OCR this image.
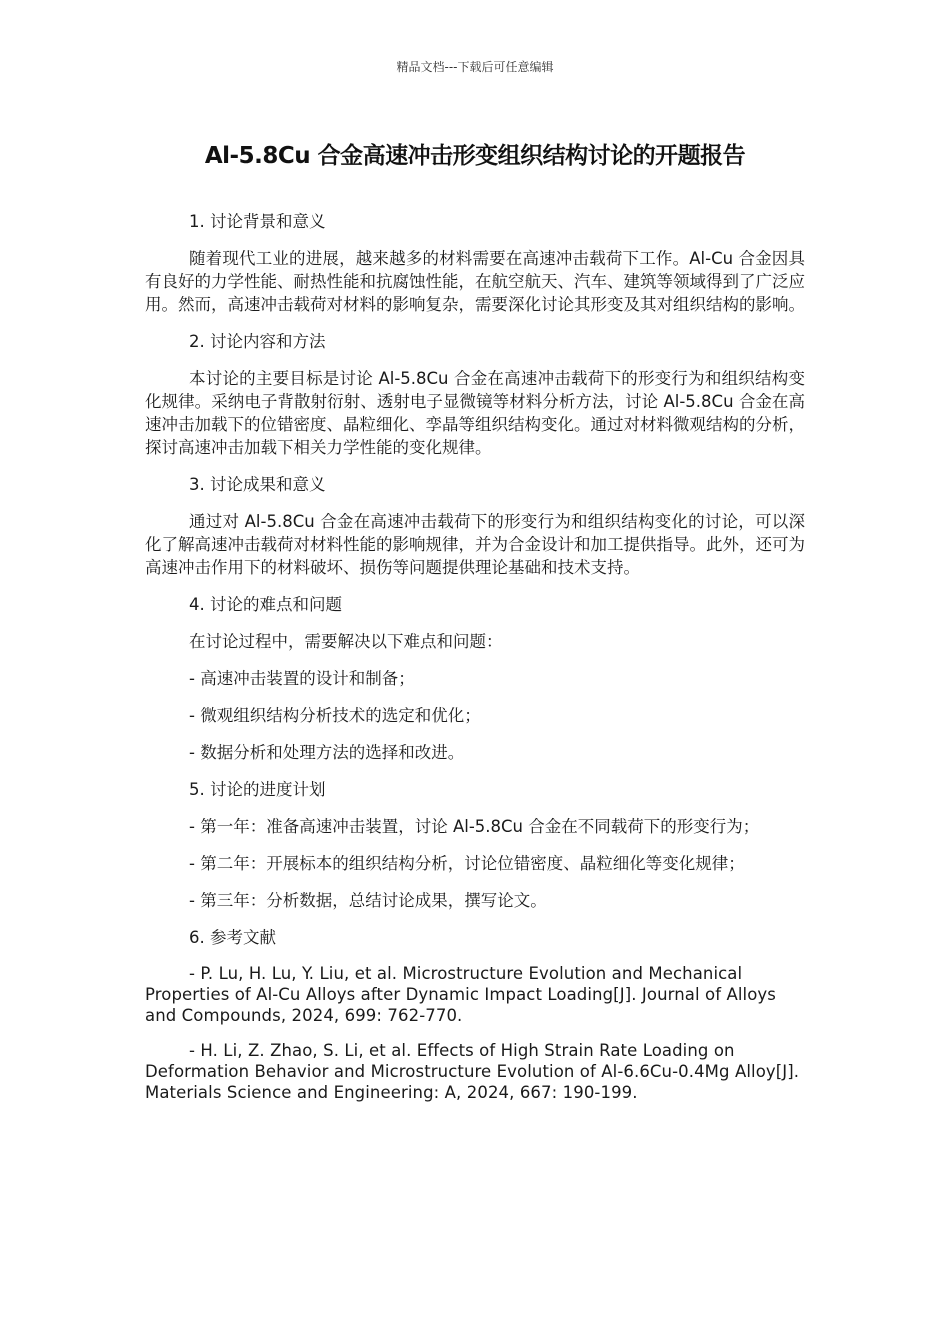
精品文档---下载后可任意编辑
Al-5.8Cu 合金高速冲击形变组织结构讨论的开题报告
1. 讨论背景和意义
随着现代工业的进展，越来越多的材料需要在高速冲击载荷下工作。Al-Cu 合金因具有良好的力学性能、耐热性能和抗腐蚀性能，在航空航天、汽车、建筑等领域得到了广泛应用。然而，高速冲击载荷对材料的影响复杂，需要深化讨论其形变及其对组织结构的影响。
2. 讨论内容和方法
本讨论的主要目标是讨论 Al-5.8Cu 合金在高速冲击载荷下的形变行为和组织结构变化规律。采纳电子背散射衍射、透射电子显微镜等材料分析方法，讨论 Al-5.8Cu 合金在高速冲击加载下的位错密度、晶粒细化、孪晶等组织结构变化。通过对材料微观结构的分析，探讨高速冲击加载下相关力学性能的变化规律。
3. 讨论成果和意义
通过对 Al-5.8Cu 合金在高速冲击载荷下的形变行为和组织结构变化的讨论，可以深化了解高速冲击载荷对材料性能的影响规律，并为合金设计和加工提供指导。此外，还可为高速冲击作用下的材料破坏、损伤等问题提供理论基础和技术支持。
4. 讨论的难点和问题
在讨论过程中，需要解决以下难点和问题：
- 高速冲击装置的设计和制备；
- 微观组织结构分析技术的选定和优化；
- 数据分析和处理方法的选择和改进。
5. 讨论的进度计划
- 第一年：准备高速冲击装置，讨论 Al-5.8Cu 合金在不同载荷下的形变行为；
- 第二年：开展标本的组织结构分析，讨论位错密度、晶粒细化等变化规律；
- 第三年：分析数据，总结讨论成果，撰写论文。
6. 参考文献
- P. Lu, H. Lu, Y. Liu, et al. Microstructure Evolution and Mechanical Properties of Al-Cu Alloys after Dynamic Impact Loading[J]. Journal of Alloys and Compounds, 2024, 699: 762-770.
- H. Li, Z. Zhao, S. Li, et al. Effects of High Strain Rate Loading on Deformation Behavior and Microstructure Evolution of Al-6.6Cu-0.4Mg Alloy[J]. Materials Science and Engineering: A, 2024, 667: 190-199.
